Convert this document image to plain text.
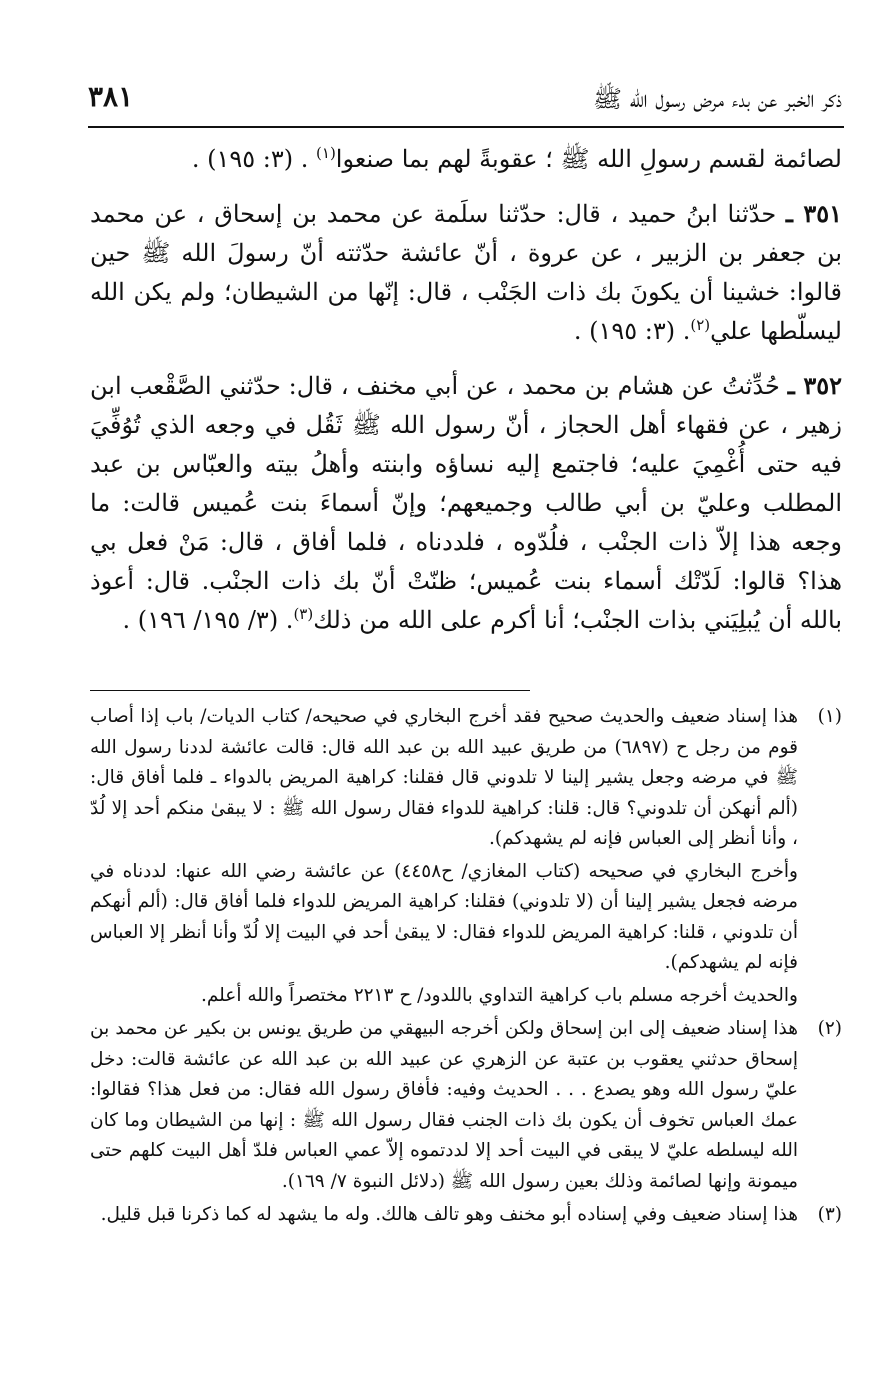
ذكر الخبر عن بدء مرض رسول الله ﷺ
٣٨١

لصائمة لقسم رسولِ الله ﷺ ؛ عقوبةً لهم بما صنعوا$^{(١)}$ . (٣: ١٩٥) .

٣٥١ ـ حدّثنا ابنُ حميد ، قال: حدّثنا سلَمة عن محمد بن إسحاق ، عن محمد بن جعفر بن الزبير ، عن عروة ، أنّ عائشة حدّثته أنّ رسولَ الله ﷺ حين قالوا: خشينا أن يكونَ بك ذات الجَنْب ، قال: إنّها من الشيطان؛ ولم يكن الله ليسلّطها علي$^{(٢)}$. (٣: ١٩٥) .

٣٥٢ ـ حُدِّثتُ عن هشام بن محمد ، عن أبي مخنف ، قال: حدّثني الصَّقْعب ابن زهير ، عن فقهاء أهل الحجاز ، أنّ رسول الله ﷺ ثَقُل في وجعه الذي تُوُفِّيَ فيه حتى أُغْمِيَ عليه؛ فاجتمع إليه نساؤه وابنته وأهلُ بيته والعبّاس بن عبد المطلب وعليّ بن أبي طالب وجميعهم؛ وإنّ أسماءَ بنت عُميس قالت: ما وجعه هذا إلاّ ذات الجنْب ، فلُدّوه ، فلددناه ، فلما أفاق ، قال: مَنْ فعل بي هذا؟ قالوا: لَدّتْك أسماء بنت عُميس؛ ظنّتْ أنّ بك ذات الجنْب. قال: أعوذ بالله أن يُبلِيَني بذات الجنْب؛ أنا أكرم على الله من ذلك$^{(٣)}$. (٣/ ١٩٥/ ١٩٦) .

(١)

هذا إسناد ضعيف والحديث صحيح فقد أخرج البخاري في صحيحه/ كتاب الديات/ باب إذا أصاب قوم من رجل ح (٦٨٩٧) من طريق عبيد الله بن عبد الله قال: قالت عائشة لددنا رسول الله ﷺ في مرضه وجعل يشير إلينا لا تلدوني قال فقلنا: كراهية المريض بالدواء ـ فلما أفاق قال: (ألم أنهكن أن تلدوني؟ قال: قلنا: كراهية للدواء فقال رسول الله ﷺ : لا يبقىٰ منكم أحد إلا لُدّ ، وأنا أنظر إلى العباس فإنه لم يشهدكم).

وأخرج البخاري في صحيحه (كتاب المغازي/ ح٤٤٥٨) عن عائشة رضي الله عنها: لددناه في مرضه فجعل يشير إلينا أن (لا تلدوني) فقلنا: كراهية المريض للدواء فلما أفاق قال: (ألم أنهكم أن تلدوني ، قلنا: كراهية المريض للدواء فقال: لا يبقىٰ أحد في البيت إلا لُدّ وأنا أنظر إلا العباس فإنه لم يشهدكم).

والحديث أخرجه مسلم باب كراهية التداوي باللدود/ ح ٢٢١٣ مختصراً والله أعلم.

(٢)

هذا إسناد ضعيف إلى ابن إسحاق ولكن أخرجه البيهقي من طريق يونس بن بكير عن محمد بن إسحاق حدثني يعقوب بن عتبة عن الزهري عن عبيد الله بن عبد الله عن عائشة قالت: دخل عليّ رسول الله وهو يصدع . . . الحديث وفيه: فأفاق رسول الله فقال: من فعل هذا؟ فقالوا: عمك العباس تخوف أن يكون بك ذات الجنب فقال رسول الله ﷺ : إنها من الشيطان وما كان الله ليسلطه عليّ لا يبقى في البيت أحد إلا لددتموه إلاّ عمي العباس فلدّ أهل البيت كلهم حتى ميمونة وإنها لصائمة وذلك بعين رسول الله ﷺ (دلائل النبوة ٧/ ١٦٩).

(٣)

هذا إسناد ضعيف وفي إسناده أبو مخنف وهو تالف هالك. وله ما يشهد له كما ذكرنا قبل قليل.
